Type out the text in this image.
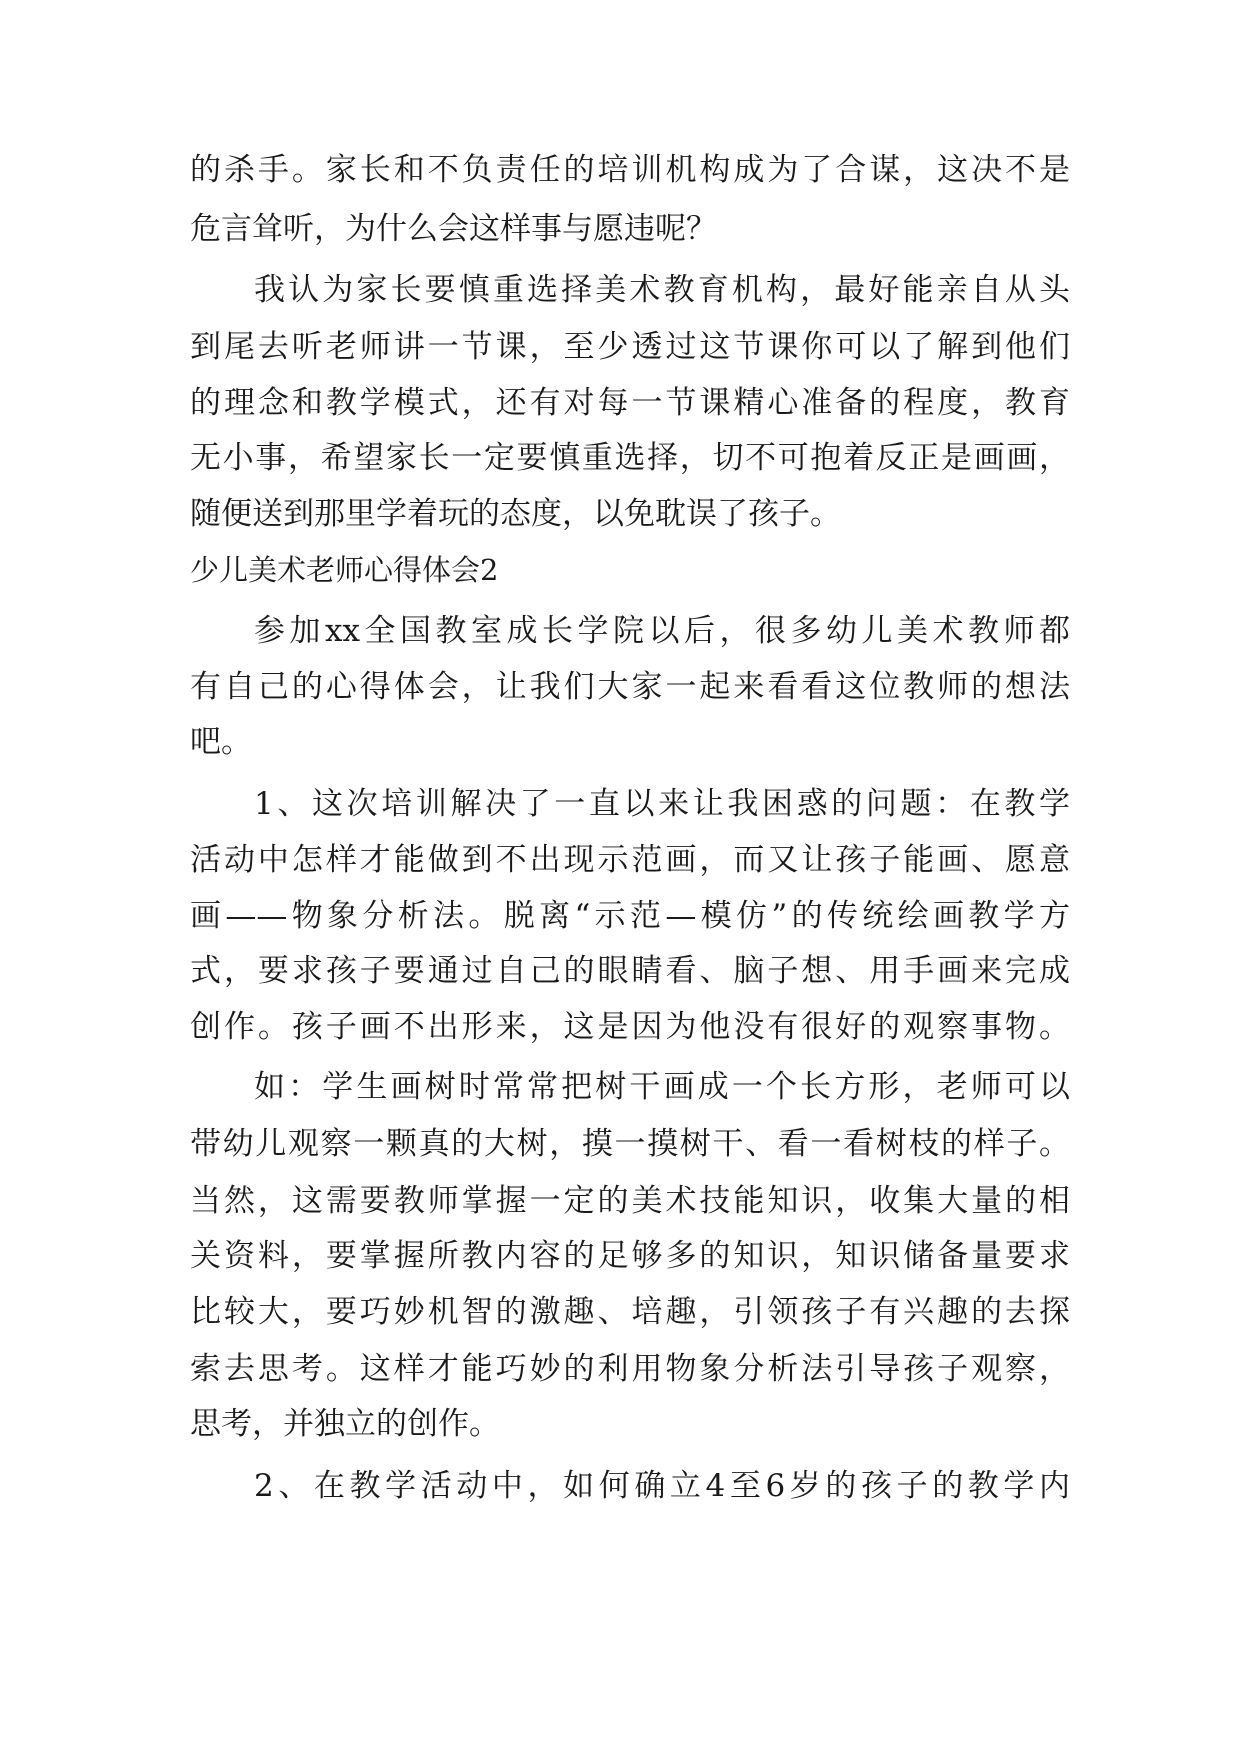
的杀手。家长和不负责任的培训机构成为了合谋，这决不是
危言耸听，为什么会这样事与愿违呢？
我认为家长要慎重选择美术教育机构，最好能亲自从头
到尾去听老师讲一节课，至少透过这节课你可以了解到他们
的理念和教学模式，还有对每一节课精心准备的程度，教育
无小事，希望家长一定要慎重选择，切不可抱着反正是画画，
随便送到那里学着玩的态度，以免耽误了孩子。
少儿美术老师心得体会2
参加xx全国教室成长学院以后，很多幼儿美术教师都
有自己的心得体会，让我们大家一起来看看这位教师的想法
吧。
1、这次培训解决了一直以来让我困惑的问题：在教学
活动中怎样才能做到不出现示范画，而又让孩子能画、愿意
画——物象分析法。脱离“示范—模仿”的传统绘画教学方
式，要求孩子要通过自己的眼睛看、脑子想、用手画来完成
创作。孩子画不出形来，这是因为他没有很好的观察事物。
如：学生画树时常常把树干画成一个长方形，老师可以
带幼儿观察一颗真的大树，摸一摸树干、看一看树枝的样子。
当然，这需要教师掌握一定的美术技能知识，收集大量的相
关资料，要掌握所教内容的足够多的知识，知识储备量要求
比较大，要巧妙机智的激趣、培趣，引领孩子有兴趣的去探
索去思考。这样才能巧妙的利用物象分析法引导孩子观察，
思考，并独立的创作。
2、在教学活动中，如何确立4至6岁的孩子的教学内
